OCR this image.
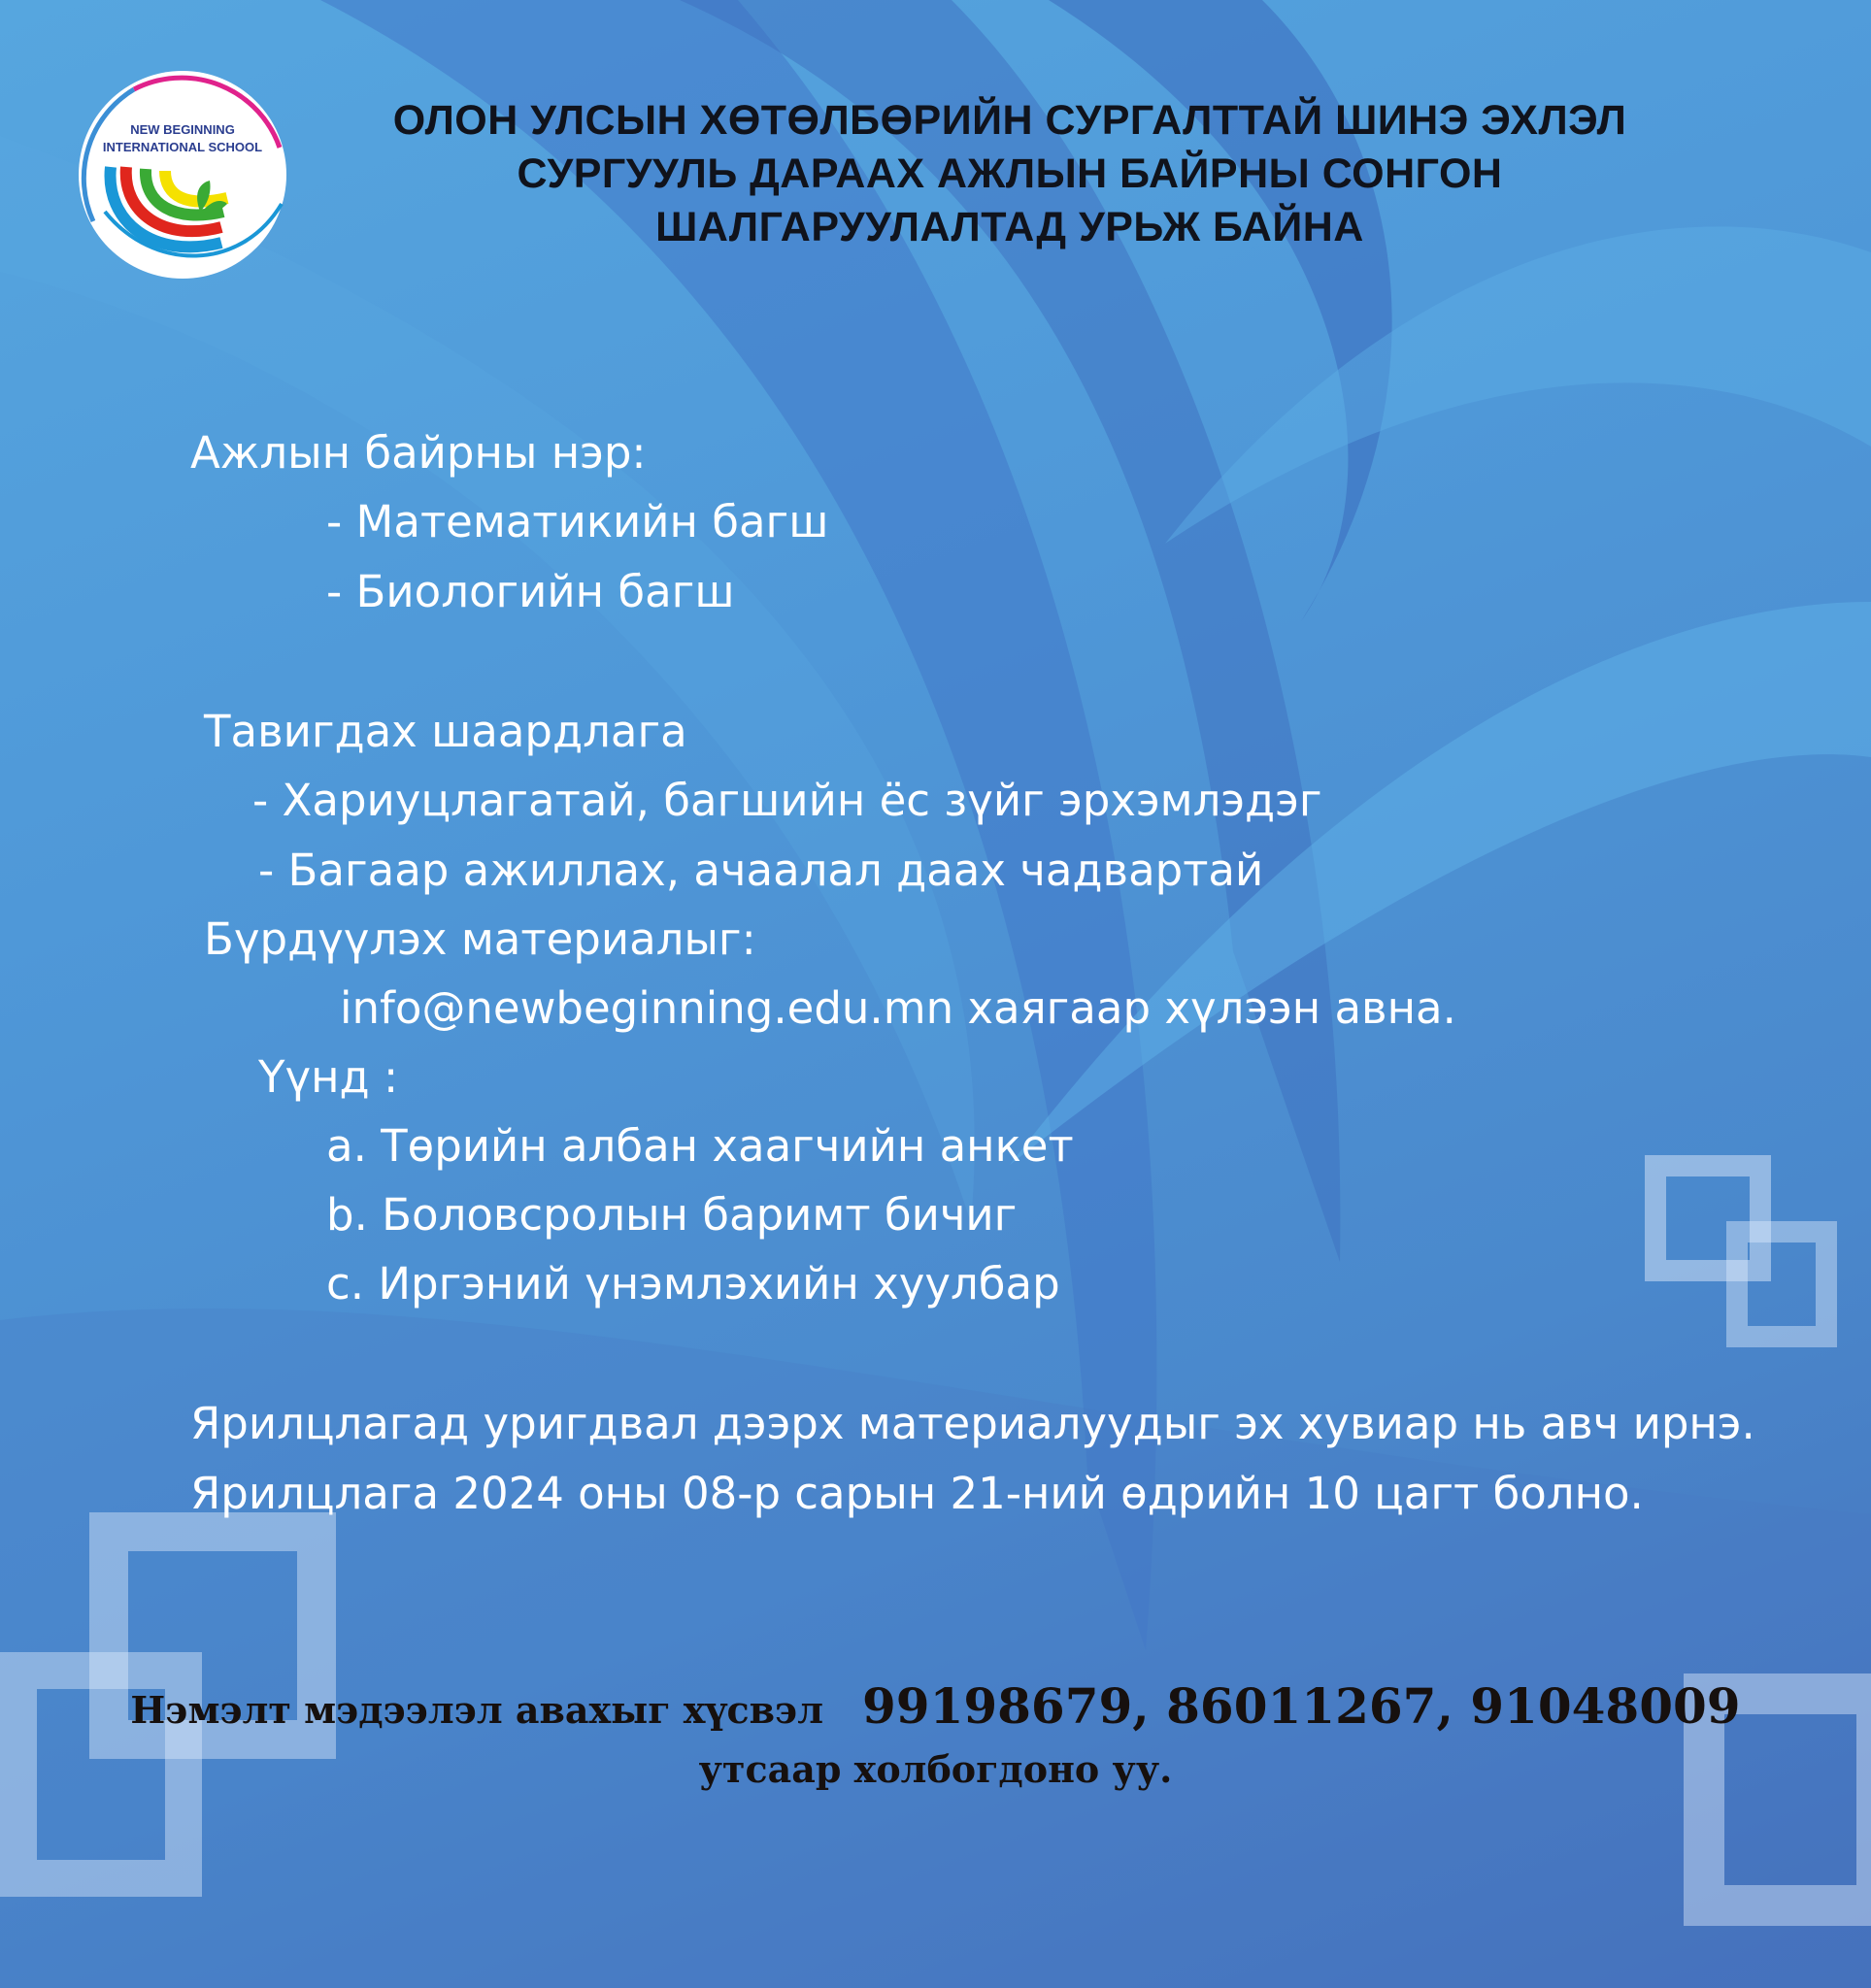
NEW BEGINNING
INTERNATIONAL SCHOOL
ОЛОН УЛСЫН ХӨТӨЛБӨРИЙН СУРГАЛТТАЙ ШИНЭ ЭХЛЭЛ
СУРГУУЛЬ ДАРААХ АЖЛЫН БАЙРНЫ СОНГОН
ШАЛГАРУУЛАЛТАД УРЬЖ БАЙНА
Ажлын байрны нэр:
- Математикийн багш
- Биологийн багш
Тавигдах шаардлага
- Хариуцлагатай, багшийн ёс зүйг эрхэмлэдэг
- Багаар ажиллах, ачаалал даах чадвартай
Бүрдүүлэх материалыг:
info@newbeginning.edu.mn хаягаар хүлээн авна.
Үүнд :
a. Төрийн албан хаагчийн анкет
b. Боловсролын баримт бичиг
c. Иргэний үнэмлэхийн хуулбар
Ярилцлагад уригдвал дээрх материалуудыг эх хувиар нь авч ирнэ.
Ярилцлага 2024 оны 08-р сарын 21-ний өдрийн 10 цагт болно.
Нэмэлт мэдээлэл авахыг хүсвэл 99198679, 86011267, 91048009
утсаар холбогдоно уу.
